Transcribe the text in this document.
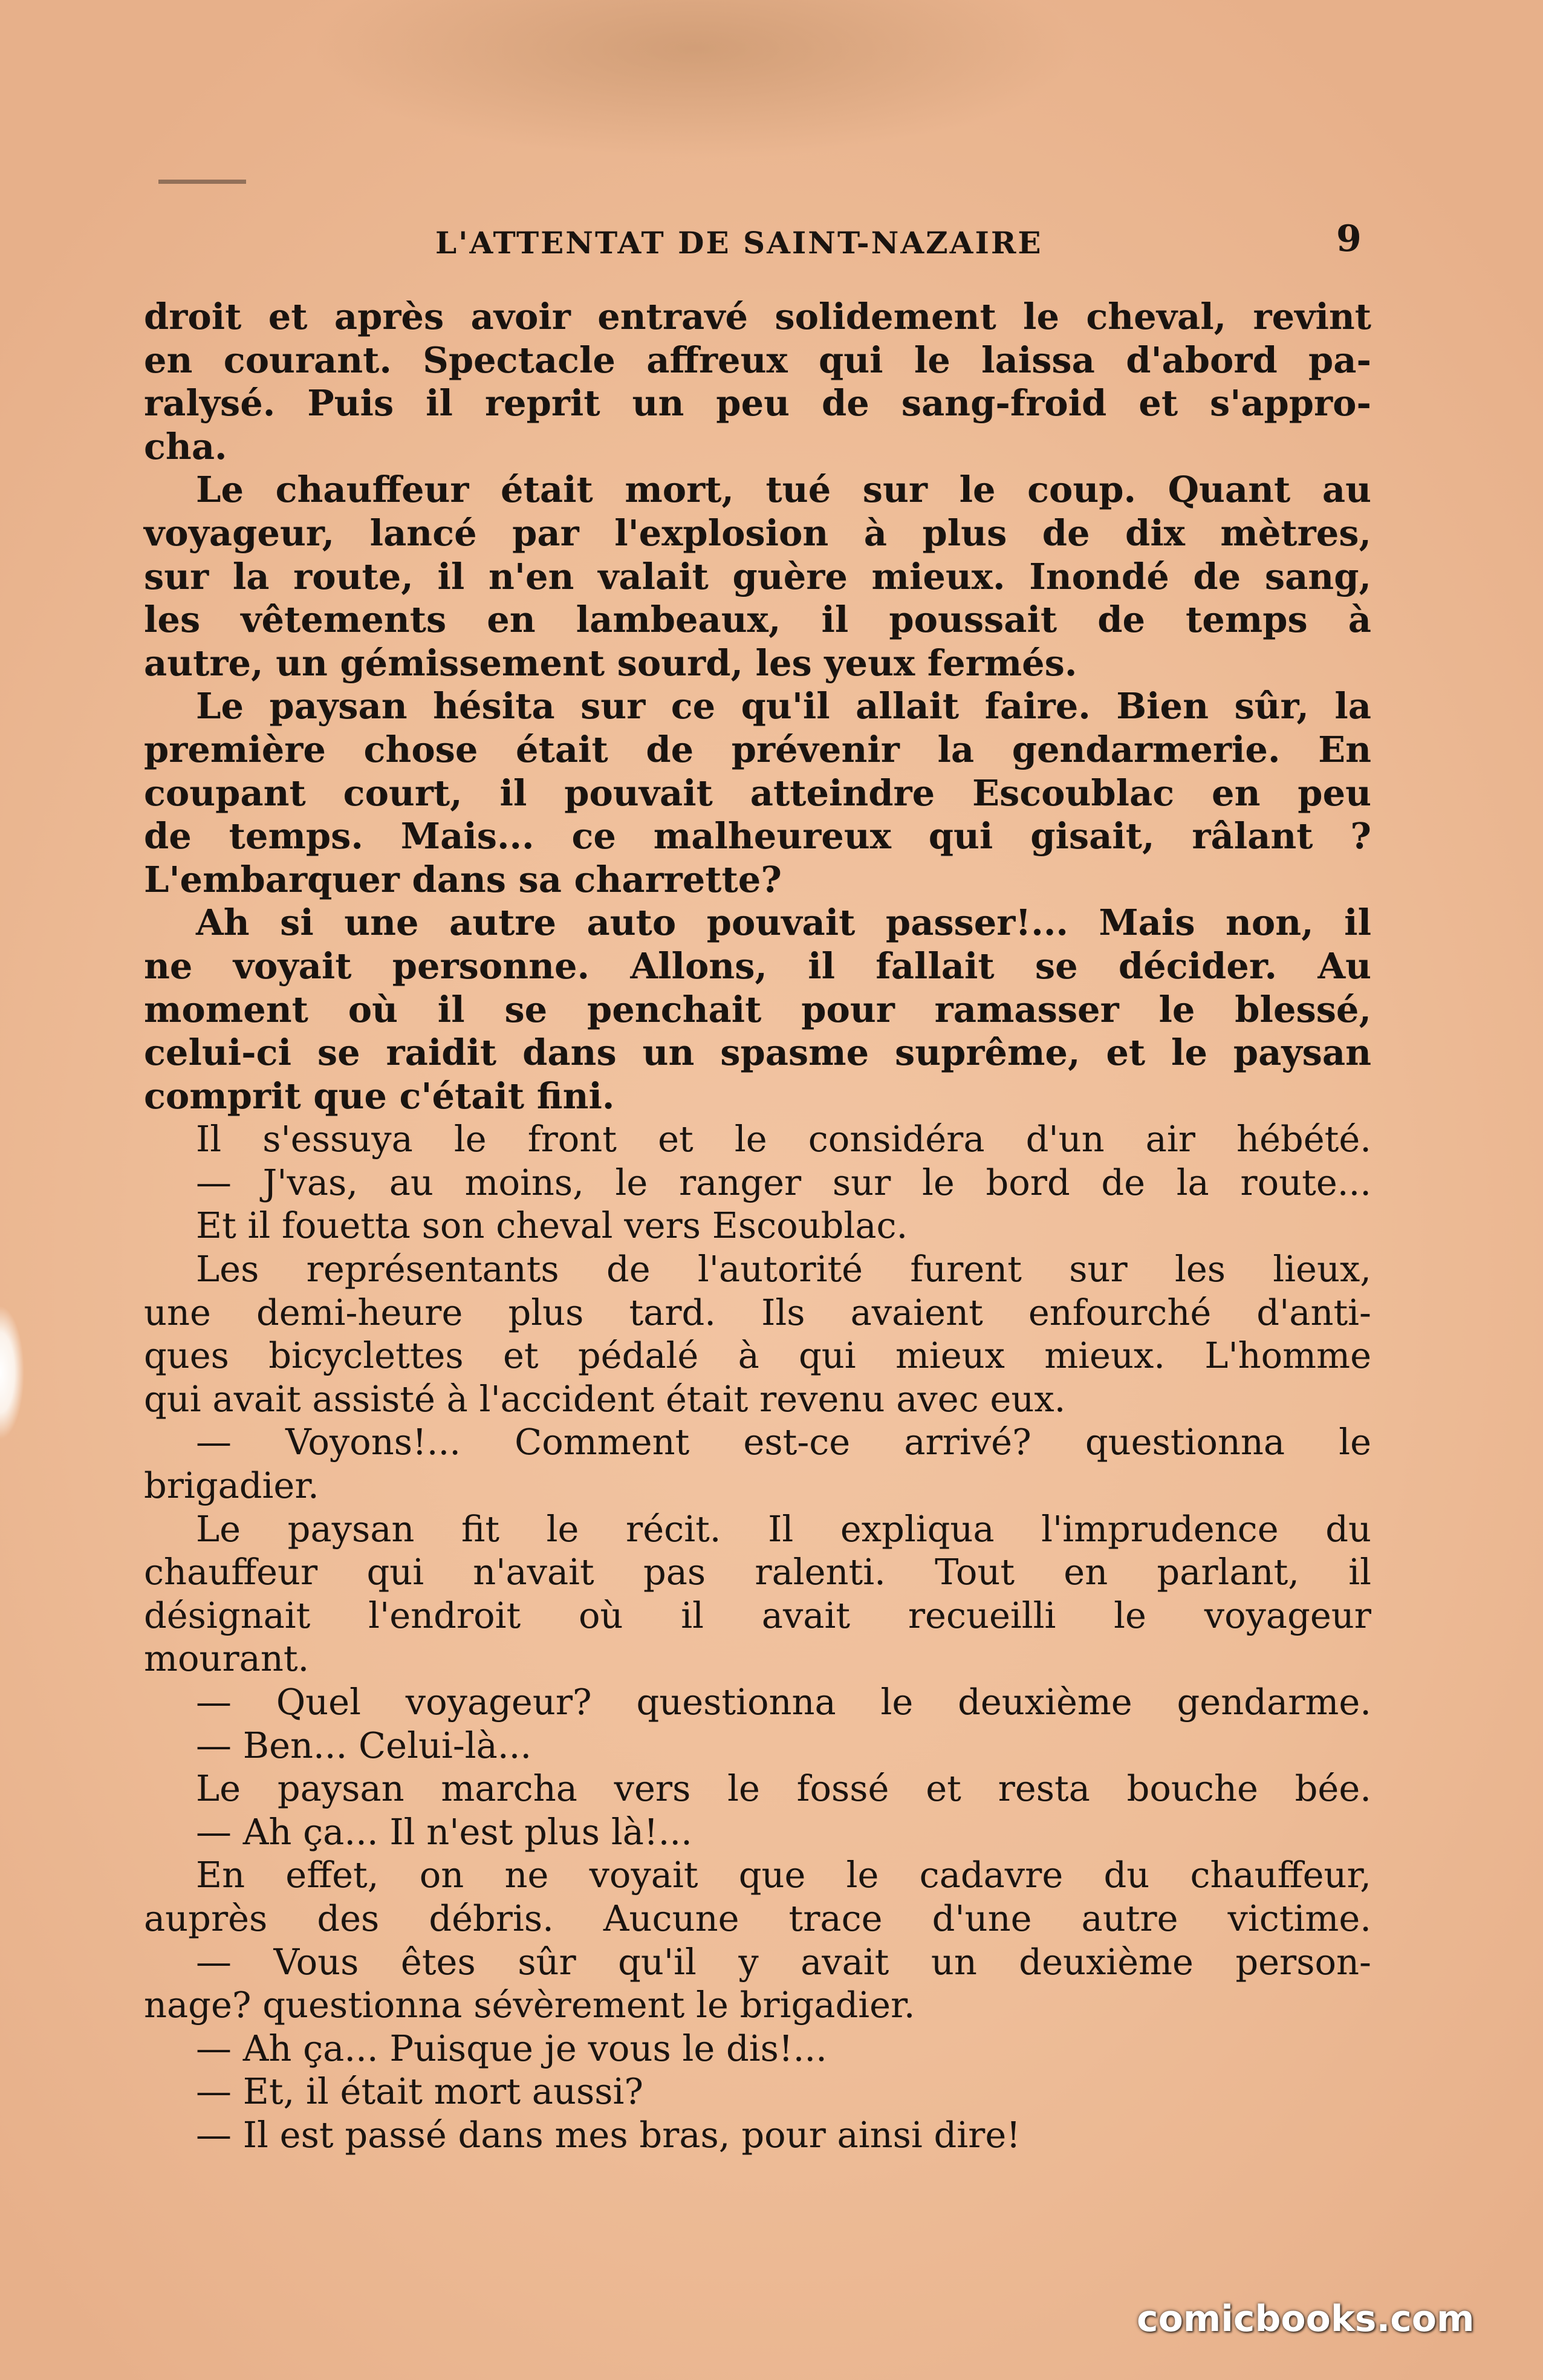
L'ATTENTAT DE SAINT-NAZAIRE	9
droit et après avoir entravé solidement le cheval, revint
en courant. Spectacle affreux qui le laissa d'abord pa-
ralysé. Puis il reprit un peu de sang-froid et s'appro-
cha.
Le chauffeur était mort, tué sur le coup. Quant au
voyageur, lancé par l'explosion à plus de dix mètres,
sur la route, il n'en valait guère mieux. Inondé de sang,
les vêtements en lambeaux, il poussait de temps à
autre, un gémissement sourd, les yeux fermés.
Le paysan hésita sur ce qu'il allait faire. Bien sûr, la
première chose était de prévenir la gendarmerie. En
coupant court, il pouvait atteindre Escoublac en peu
de temps. Mais... ce malheureux qui gisait, râlant ?
L'embarquer dans sa charrette?
Ah si une autre auto pouvait passer!... Mais non, il
ne voyait personne. Allons, il fallait se décider. Au
moment où il se penchait pour ramasser le blessé,
celui-ci se raidit dans un spasme suprême, et le paysan
comprit que c'était fini.
Il s'essuya le front et le considéra d'un air hébété.
— J'vas, au moins, le ranger sur le bord de la route...
Et il fouetta son cheval vers Escoublac.
Les représentants de l'autorité furent sur les lieux,
une demi-heure plus tard. Ils avaient enfourché d'anti-
ques bicyclettes et pédalé à qui mieux mieux. L'homme
qui avait assisté à l'accident était revenu avec eux.
— Voyons!... Comment est-ce arrivé? questionna le
brigadier.
Le paysan fit le récit. Il expliqua l'imprudence du
chauffeur qui n'avait pas ralenti. Tout en parlant, il
désignait l'endroit où il avait recueilli le voyageur
mourant.
— Quel voyageur? questionna le deuxième gendarme.
— Ben... Celui-là...
Le paysan marcha vers le fossé et resta bouche bée.
— Ah ça... Il n'est plus là!...
En effet, on ne voyait que le cadavre du chauffeur,
auprès des débris. Aucune trace d'une autre victime.
— Vous êtes sûr qu'il y avait un deuxième person-
nage? questionna sévèrement le brigadier.
— Ah ça... Puisque je vous le dis!...
— Et, il était mort aussi?
— Il est passé dans mes bras, pour ainsi dire!
comicbooks.com
